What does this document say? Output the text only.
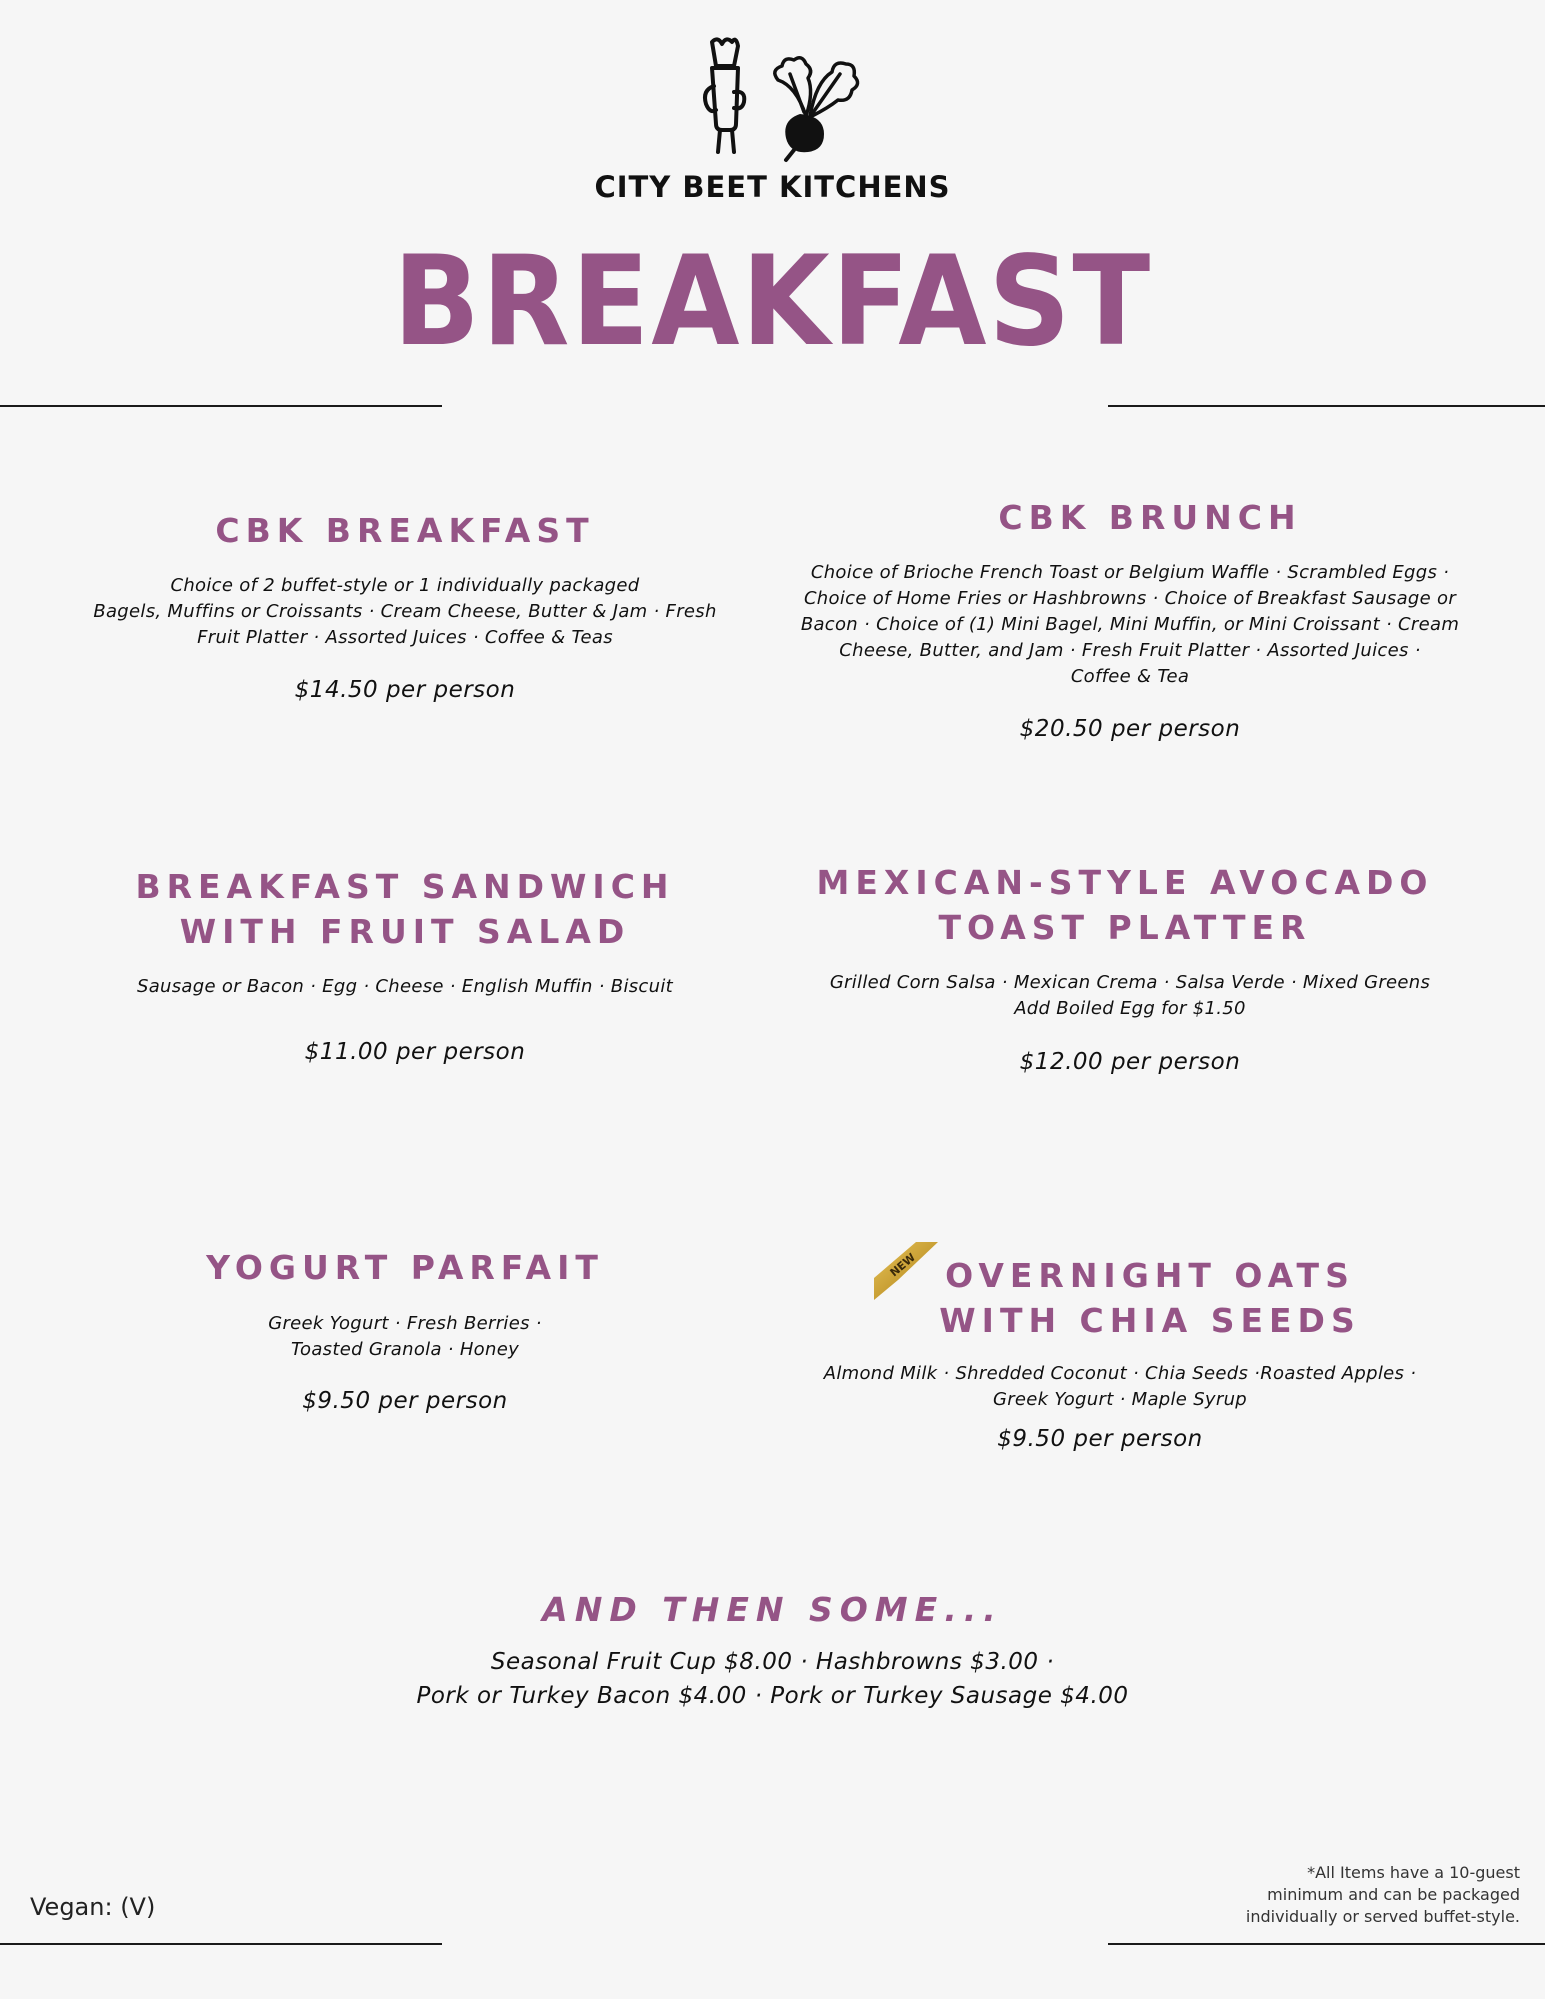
CITY BEET KITCHENS
BREAKFAST
CBK BREAKFAST
Choice of 2 buffet-style or 1 individually packaged
Bagels, Muffins or Croissants · Cream Cheese, Butter & Jam · Fresh
Fruit Platter · Assorted Juices · Coffee & Teas
$14.50 per person
CBK BRUNCH
Choice of Brioche French Toast or Belgium Waffle · Scrambled Eggs ·
Choice of Home Fries or Hashbrowns · Choice of Breakfast Sausage or
Bacon · Choice of (1) Mini Bagel, Mini Muffin, or Mini Croissant · Cream
Cheese, Butter, and Jam · Fresh Fruit Platter · Assorted Juices ·
Coffee & Tea
$20.50 per person
BREAKFAST SANDWICH WITH FRUIT SALAD
Sausage or Bacon · Egg · Cheese · English Muffin · Biscuit
$11.00 per person
MEXICAN-STYLE AVOCADO TOAST PLATTER
Grilled Corn Salsa · Mexican Crema · Salsa Verde · Mixed Greens
Add Boiled Egg for $1.50
$12.00 per person
YOGURT PARFAIT
Greek Yogurt · Fresh Berries ·
Toasted Granola · Honey
$9.50 per person
NEW OVERNIGHT OATS WITH CHIA SEEDS
Almond Milk · Shredded Coconut · Chia Seeds ·Roasted Apples ·
Greek Yogurt · Maple Syrup
$9.50 per person
AND THEN SOME...
Seasonal Fruit Cup $8.00 · Hashbrowns $3.00 ·
Pork or Turkey Bacon $4.00 · Pork or Turkey Sausage $4.00
Vegan: (V)
*All Items have a 10-guest
minimum and can be packaged
individually or served buffet-style.
